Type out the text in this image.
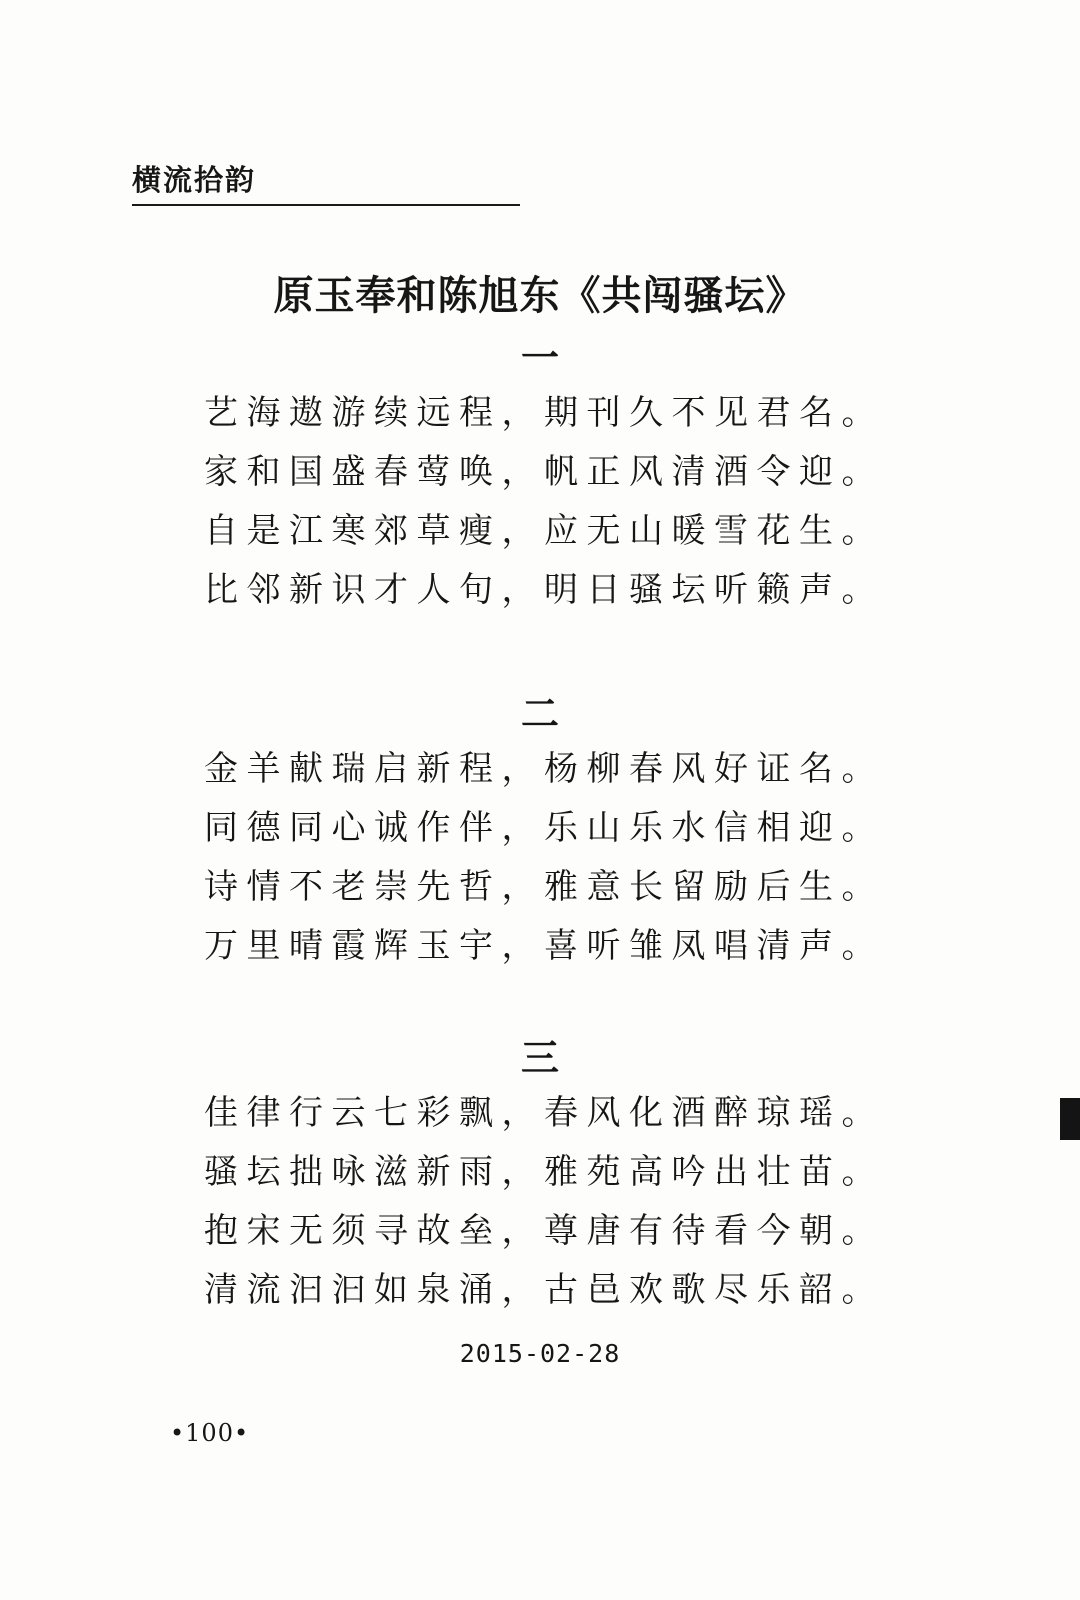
横流拾韵
原玉奉和陈旭东《共闯骚坛》
一
艺海遨游续远程，期刊久不见君名。
家和国盛春莺唤，帆正风清酒令迎。
自是江寒郊草瘦，应无山暖雪花生。
比邻新识才人句，明日骚坛听籁声。
二
金羊献瑞启新程，杨柳春风好证名。
同德同心诚作伴，乐山乐水信相迎。
诗情不老崇先哲，雅意长留励后生。
万里晴霞辉玉宇，喜听雏凤唱清声。
三
佳律行云七彩飘，春风化酒醉琼瑶。
骚坛拙咏滋新雨，雅苑高吟出壮苗。
抱宋无须寻故垒，尊唐有待看今朝。
清流汩汩如泉涌，古邑欢歌尽乐韶。
2015-02-28
•100•
